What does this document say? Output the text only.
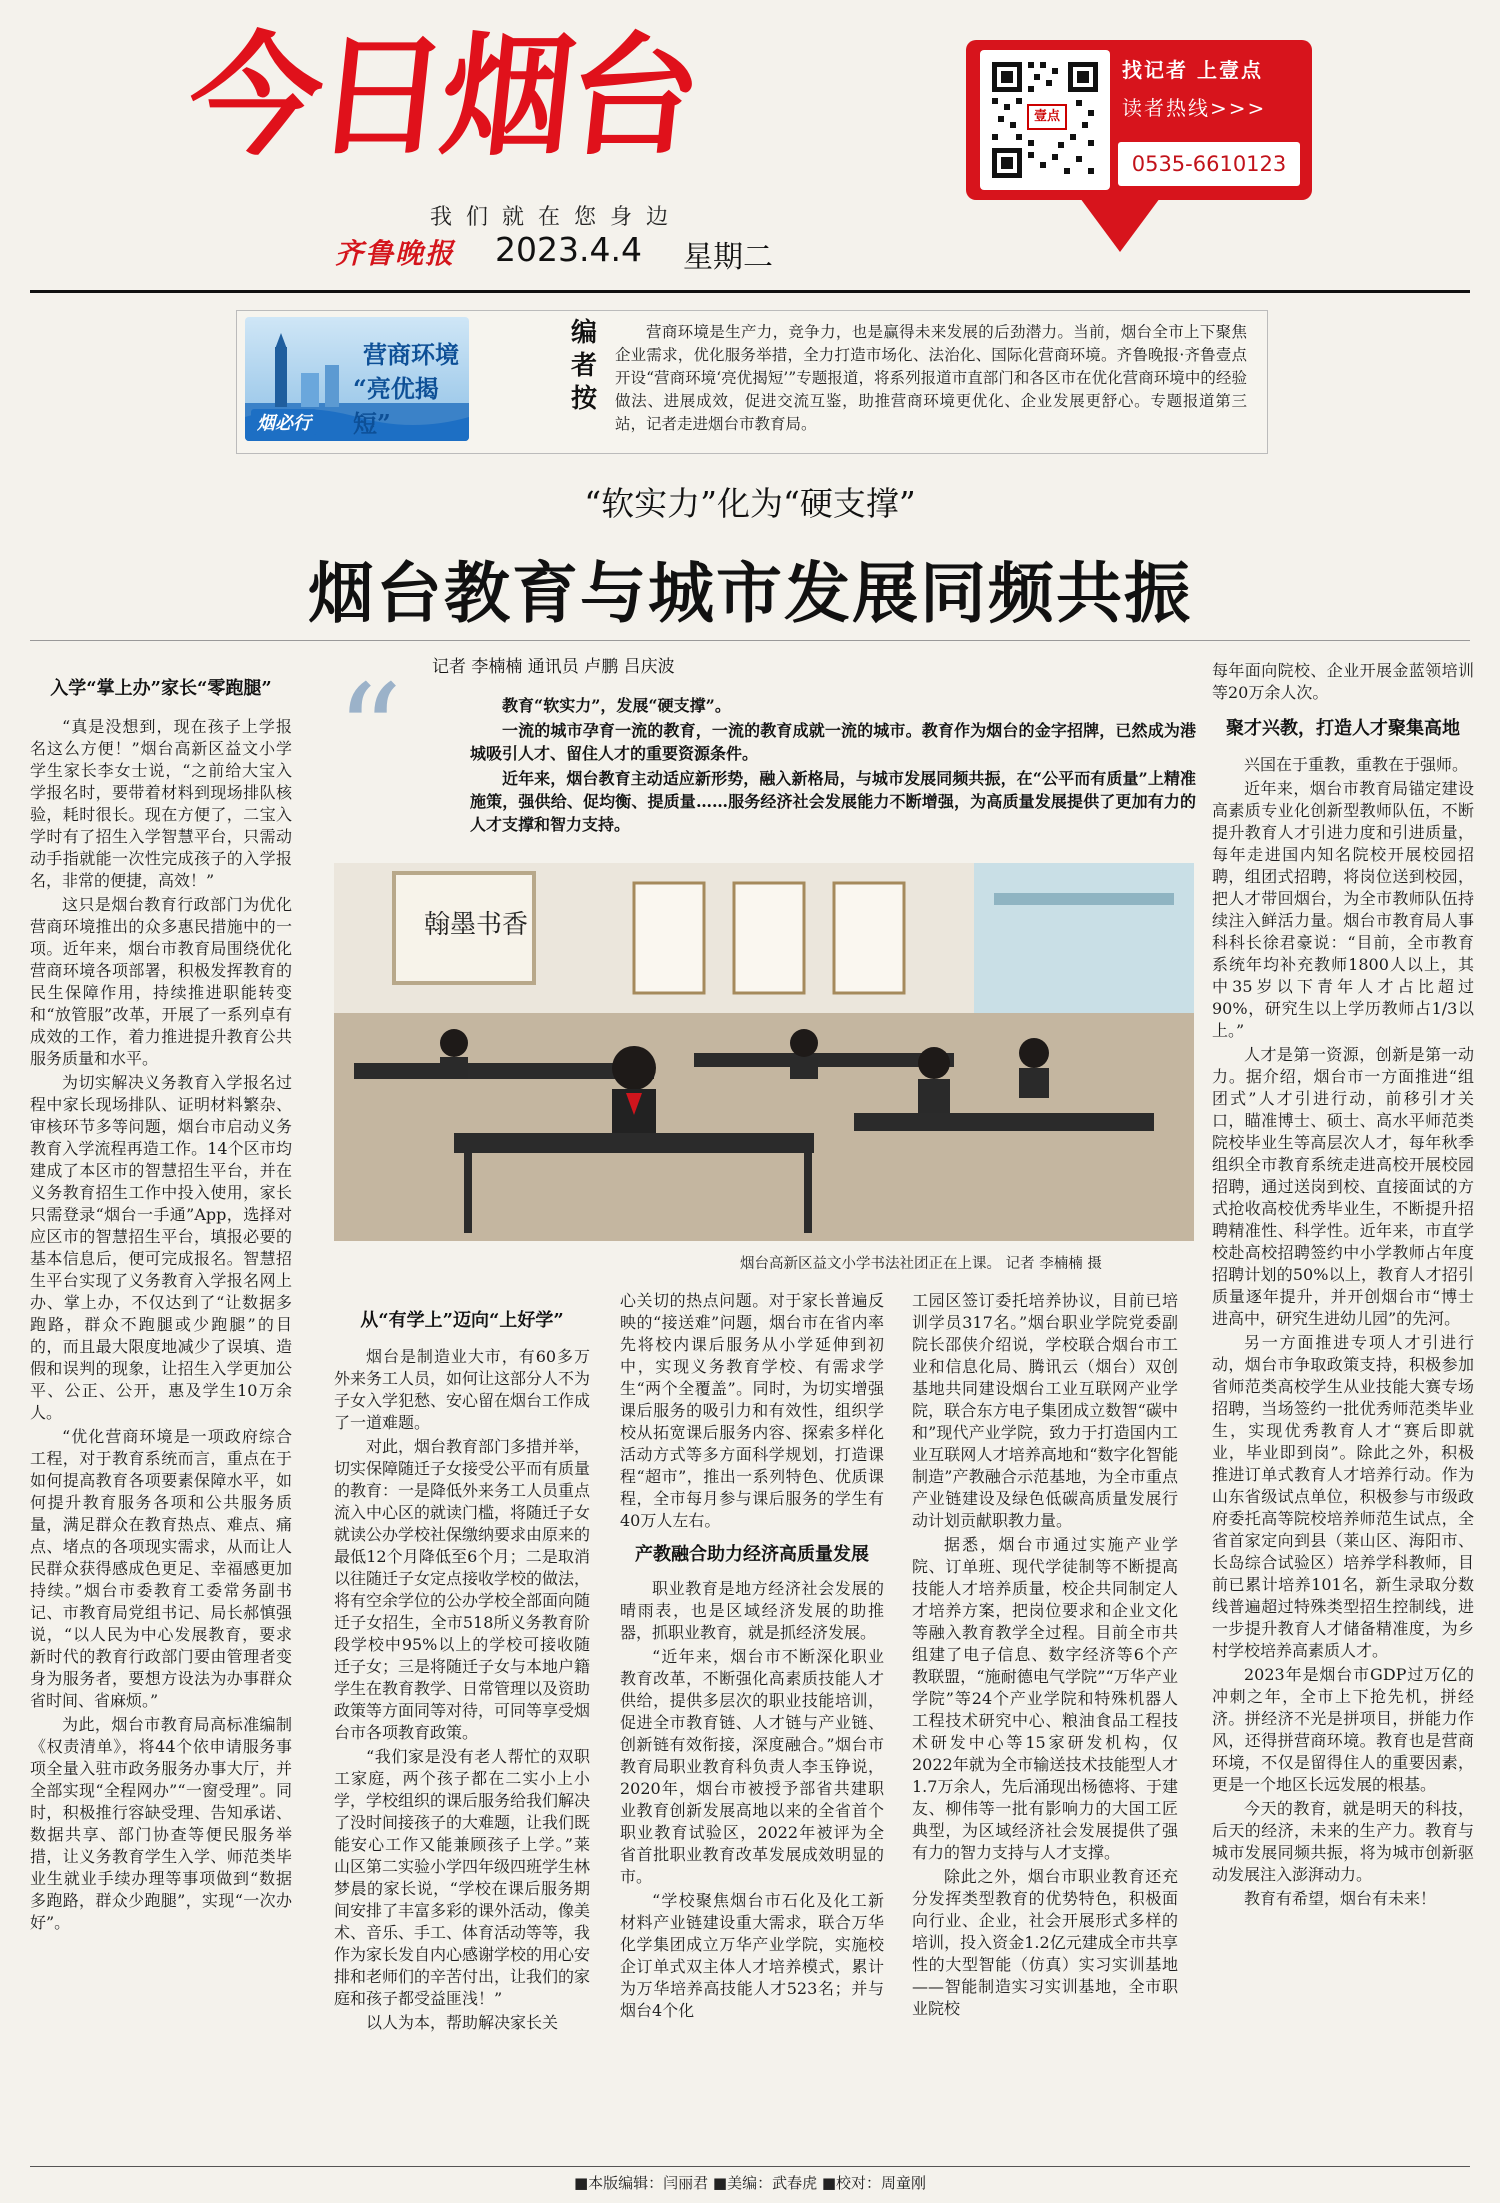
今日烟台
我们就在您身边
齐鲁晚报 2023.4.4 星期二
壹点
找记者 上壹点
读者热线>>>
0535-6610123
营商环境
“亮优揭短”
烟必行
编者按
营商环境是生产力，竞争力，也是赢得未来发展的后劲潜力。当前，烟台全市上下聚焦企业需求，优化服务举措，全力打造市场化、法治化、国际化营商环境。齐鲁晚报·齐鲁壹点开设“营商环境‘亮优揭短’”专题报道，将系列报道市直部门和各区市在优化营商环境中的经验做法、进展成效，促进交流互鉴，助推营商环境更优化、企业发展更舒心。专题报道第三站，记者走进烟台市教育局。
“软实力”化为“硬支撑”
烟台教育与城市发展同频共振
记者 李楠楠 通讯员 卢鹏 吕庆波
“	教育“软实力”，发展“硬支撑”。

一流的城市孕育一流的教育，一流的教育成就一流的城市。教育作为烟台的金字招牌，已然成为港城吸引人才、留住人才的重要资源条件。

近年来，烟台教育主动适应新形势，融入新格局，与城市发展同频共振，在“公平而有质量”上精准施策，强供给、促均衡、提质量……服务经济社会发展能力不断增强，为高质量发展提供了更加有力的人才支撑和智力支持。

翰墨书香
烟台高新区益文小学书法社团正在上课。 记者 李楠楠 摄
入学“掌上办”家长“零跑腿”

“真是没想到，现在孩子上学报名这么方便！”烟台高新区益文小学学生家长李女士说，“之前给大宝入学报名时，要带着材料到现场排队核验，耗时很长。现在方便了，二宝入学时有了招生入学智慧平台，只需动动手指就能一次性完成孩子的入学报名，非常的便捷，高效！”

这只是烟台教育行政部门为优化营商环境推出的众多惠民措施中的一项。近年来，烟台市教育局围绕优化营商环境各项部署，积极发挥教育的民生保障作用，持续推进职能转变和“放管服”改革，开展了一系列卓有成效的工作，着力推进提升教育公共服务质量和水平。

为切实解决义务教育入学报名过程中家长现场排队、证明材料繁杂、审核环节多等问题，烟台市启动义务教育入学流程再造工作。14个区市均建成了本区市的智慧招生平台，并在义务教育招生工作中投入使用，家长只需登录“烟台一手通”App，选择对应区市的智慧招生平台，填报必要的基本信息后，便可完成报名。智慧招生平台实现了义务教育入学报名网上办、掌上办，不仅达到了“让数据多跑路，群众不跑腿或少跑腿”的目的，而且最大限度地减少了误填、造假和误判的现象，让招生入学更加公平、公正、公开，惠及学生10万余人。

“优化营商环境是一项政府综合工程，对于教育系统而言，重点在于如何提高教育各项要素保障水平，如何提升教育服务各项和公共服务质量，满足群众在教育热点、难点、痛点、堵点的各项现实需求，从而让人民群众获得感成色更足、幸福感更加持续。”烟台市委教育工委常务副书记、市教育局党组书记、局长郝慎强说，“以人民为中心发展教育，要求新时代的教育行政部门要由管理者变身为服务者，要想方设法为办事群众省时间、省麻烦。”

为此，烟台市教育局高标准编制《权责清单》，将44个依申请服务事项全量入驻市政务服务办事大厅，并全部实现“全程网办”“一窗受理”。同时，积极推行容缺受理、告知承诺、数据共享、部门协查等便民服务举措，让义务教育学生入学、师范类毕业生就业手续办理等事项做到“数据多跑路，群众少跑腿”，实现“一次办好”。

从“有学上”迈向“上好学”

烟台是制造业大市，有60多万外来务工人员，如何让这部分人不为子女入学犯愁、安心留在烟台工作成了一道难题。

对此，烟台教育部门多措并举，切实保障随迁子女接受公平而有质量的教育：一是降低外来务工人员重点流入中心区的就读门槛，将随迁子女就读公办学校社保缴纳要求由原来的最低12个月降低至6个月；二是取消以往随迁子女定点接收学校的做法，将有空余学位的公办学校全部面向随迁子女招生，全市518所义务教育阶段学校中95%以上的学校可接收随迁子女；三是将随迁子女与本地户籍学生在教育教学、日常管理以及资助政策等方面同等对待，可同等享受烟台市各项教育政策。

“我们家是没有老人帮忙的双职工家庭，两个孩子都在二实小上小学，学校组织的课后服务给我们解决了没时间接孩子的大难题，让我们既能安心工作又能兼顾孩子上学。”莱山区第二实验小学四年级四班学生林梦晨的家长说，“学校在课后服务期间安排了丰富多彩的课外活动，像美术、音乐、手工、体育活动等等，我作为家长发自内心感谢学校的用心安排和老师们的辛苦付出，让我们的家庭和孩子都受益匪浅！”

以人为本，帮助解决家长关

心关切的热点问题。对于家长普遍反映的“接送难”问题，烟台市在省内率先将校内课后服务从小学延伸到初中，实现义务教育学校、有需求学生“两个全覆盖”。同时，为切实增强课后服务的吸引力和有效性，组织学校从拓宽课后服务内容、探索多样化活动方式等多方面科学规划，打造课程“超市”，推出一系列特色、优质课程，全市每月参与课后服务的学生有40万人左右。

产教融合助力经济高质量发展

职业教育是地方经济社会发展的晴雨表，也是区域经济发展的助推器，抓职业教育，就是抓经济发展。

“近年来，烟台市不断深化职业教育改革，不断强化高素质技能人才供给，提供多层次的职业技能培训，促进全市教育链、人才链与产业链、创新链有效衔接，深度融合。”烟台市教育局职业教育科负责人李玉铮说，2020年，烟台市被授予部省共建职业教育创新发展高地以来的全省首个职业教育试验区，2022年被评为全省首批职业教育改革发展成效明显的市。

“学校聚焦烟台市石化及化工新材料产业链建设重大需求，联合万华化学集团成立万华产业学院，实施校企订单式双主体人才培养模式，累计为万华培养高技能人才523名；并与烟台4个化

工园区签订委托培养协议，目前已培训学员317名。”烟台职业学院党委副院长邵侠介绍说，学校联合烟台市工业和信息化局、腾讯云（烟台）双创基地共同建设烟台工业互联网产业学院，联合东方电子集团成立数智“碳中和”现代产业学院，致力于打造国内工业互联网人才培养高地和“数字化智能制造”产教融合示范基地，为全市重点产业链建设及绿色低碳高质量发展行动计划贡献职教力量。

据悉，烟台市通过实施产业学院、订单班、现代学徒制等不断提高技能人才培养质量，校企共同制定人才培养方案，把岗位要求和企业文化等融入教育教学全过程。目前全市共组建了电子信息、数字经济等6个产教联盟，“施耐德电气学院”“万华产业学院”等24个产业学院和特殊机器人工程技术研究中心、粮油食品工程技术研发中心等15家研发机构，仅2022年就为全市输送技术技能型人才1.7万余人，先后涌现出杨德将、于建友、柳伟等一批有影响力的大国工匠典型，为区域经济社会发展提供了强有力的智力支持与人才支撑。

除此之外，烟台市职业教育还充分发挥类型教育的优势特色，积极面向行业、企业，社会开展形式多样的培训，投入资金1.2亿元建成全市共享性的大型智能（仿真）实习实训基地——智能制造实习实训基地，全市职业院校

每年面向院校、企业开展金蓝领培训等20万余人次。

聚才兴教，打造人才聚集高地

兴国在于重教，重教在于强师。

近年来，烟台市教育局锚定建设高素质专业化创新型教师队伍，不断提升教育人才引进力度和引进质量，每年走进国内知名院校开展校园招聘，组团式招聘，将岗位送到校园，把人才带回烟台，为全市教师队伍持续注入鲜活力量。烟台市教育局人事科科长徐君豪说：“目前，全市教育系统年均补充教师1800人以上，其中35岁以下青年人才占比超过90%，研究生以上学历教师占1/3以上。”

人才是第一资源，创新是第一动力。据介绍，烟台市一方面推进“组团式”人才引进行动，前移引才关口，瞄准博士、硕士、高水平师范类院校毕业生等高层次人才，每年秋季组织全市教育系统走进高校开展校园招聘，通过送岗到校、直接面试的方式抢收高校优秀毕业生，不断提升招聘精准性、科学性。近年来，市直学校赴高校招聘签约中小学教师占年度招聘计划的50%以上，教育人才招引质量逐年提升，并开创烟台市“博士进高中，研究生进幼儿园”的先河。

另一方面推进专项人才引进行动，烟台市争取政策支持，积极参加省师范类高校学生从业技能大赛专场招聘，当场签约一批优秀师范类毕业生，实现优秀教育人才“赛后即就业，毕业即到岗”。除此之外，积极推进订单式教育人才培养行动。作为山东省级试点单位，积极参与市级政府委托高等院校培养师范生试点，全省首家定向到县（莱山区、海阳市、长岛综合试验区）培养学科教师，目前已累计培养101名，新生录取分数线普遍超过特殊类型招生控制线，进一步提升教育人才储备精准度，为乡村学校培养高素质人才。

2023年是烟台市GDP过万亿的冲刺之年，全市上下抢先机，拼经济。拼经济不光是拼项目，拼能力作风，还得拼营商环境。教育也是营商环境，不仅是留得住人的重要因素，更是一个地区长远发展的根基。

今天的教育，就是明天的科技，后天的经济，未来的生产力。教育与城市发展同频共振，将为城市创新驱动发展注入澎湃动力。

教育有希望，烟台有未来！

■本版编辑：闫丽君 ■美编：武春虎 ■校对：周童刚
